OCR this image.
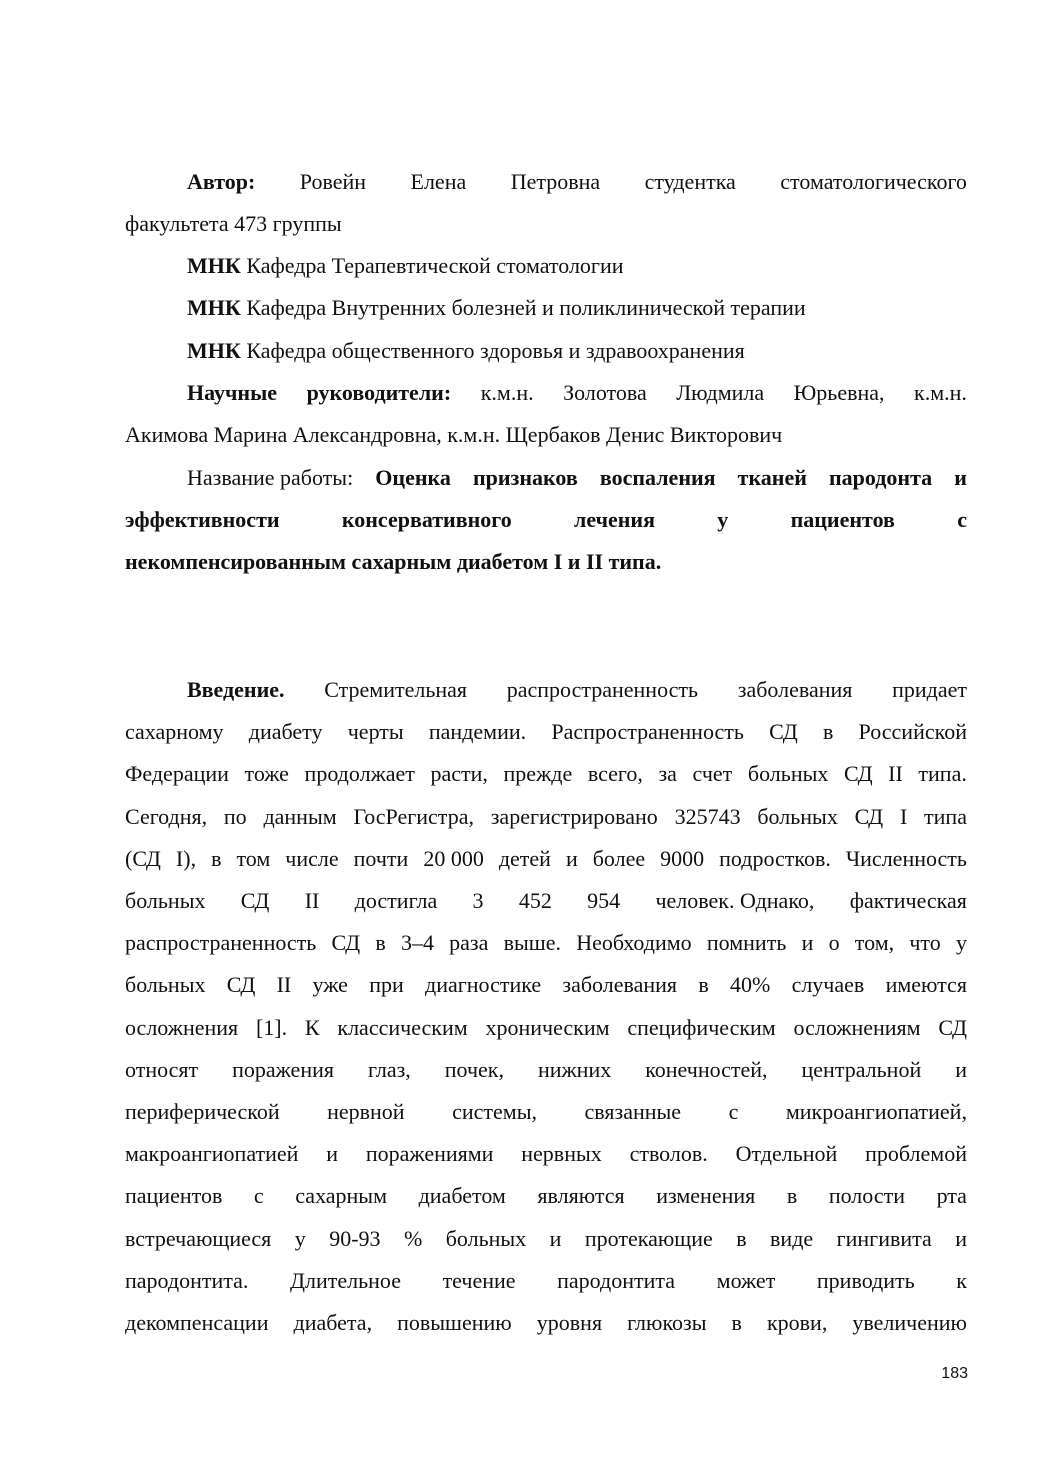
Автор: Ровейн Елена Петровна студентка стоматологического
факультета 473 группы
МНК Кафедра Терапевтической стоматологии
МНК Кафедра Внутренних болезней и поликлинической терапии
МНК Кафедра общественного здоровья и здравоохранения
Научные руководители: к.м.н. Золотова Людмила Юрьевна, к.м.н.
Акимова Марина Александровна, к.м.н. Щербаков Денис Викторович
Название работы: Оценка признаков воспаления тканей пародонта и
эффективности	консервативного	лечения	у	пациентов	с
некомпенсированным сахарным диабетом I и II типа.
Введение. Стремительная распространенность заболевания придает
сахарному диабету черты пандемии. Распространенность СД в Российской
Федерации тоже продолжает расти, прежде всего, за счет больных СД II типа.
Сегодня, по данным ГосРегистра, зарегистрировано 325743 больных СД I типа
(СД I), в том числе почти 20 000 детей и более 9000 подростков. Численность
больных СД II достигла 3 452 954 человек. Однако, фактическая
распространенность СД в 3–4 раза выше. Необходимо помнить и о том, что у
больных СД II уже при диагностике заболевания в 40% случаев имеются
осложнения [1]. К классическим хроническим специфическим осложнениям СД
относят поражения глаз, почек, нижних конечностей, центральной и
периферической нервной системы, связанные с микроангиопатией,
макроангиопатией и поражениями нервных стволов. Отдельной проблемой
пациентов с сахарным диабетом являются изменения в полости рта
встречающиеся у 90-93 % больных и протекающие в виде гингивита и
пародонтита. Длительное течение пародонтита может приводить к
декомпенсации диабета, повышению уровня глюкозы в крови, увеличению
183
